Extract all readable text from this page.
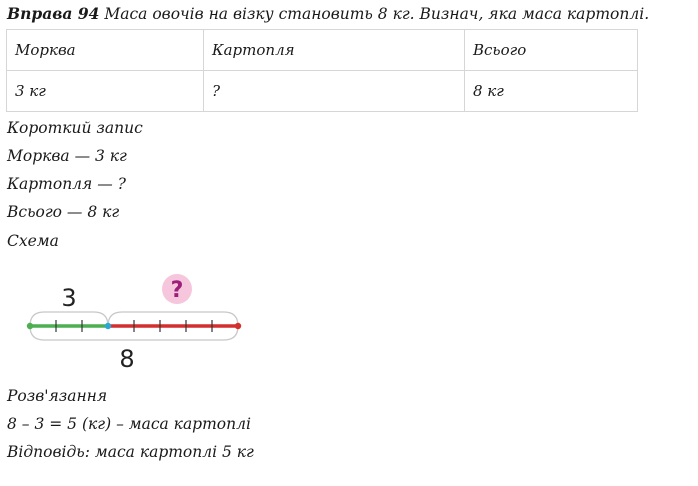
Вправа 94 Маса овочів на візку становить 8 кг. Визнач, яка маса картоплі.
Морква	Картопля	Всього
3 кг	?	8 кг
Короткий запис
Морква — 3 кг
Картопля — ?
Всього — 8 кг
Схема
3	?
8
Розв'язання
8 – 3 = 5 (кг) – маса картоплі
Відповідь: маса картоплі 5 кг
